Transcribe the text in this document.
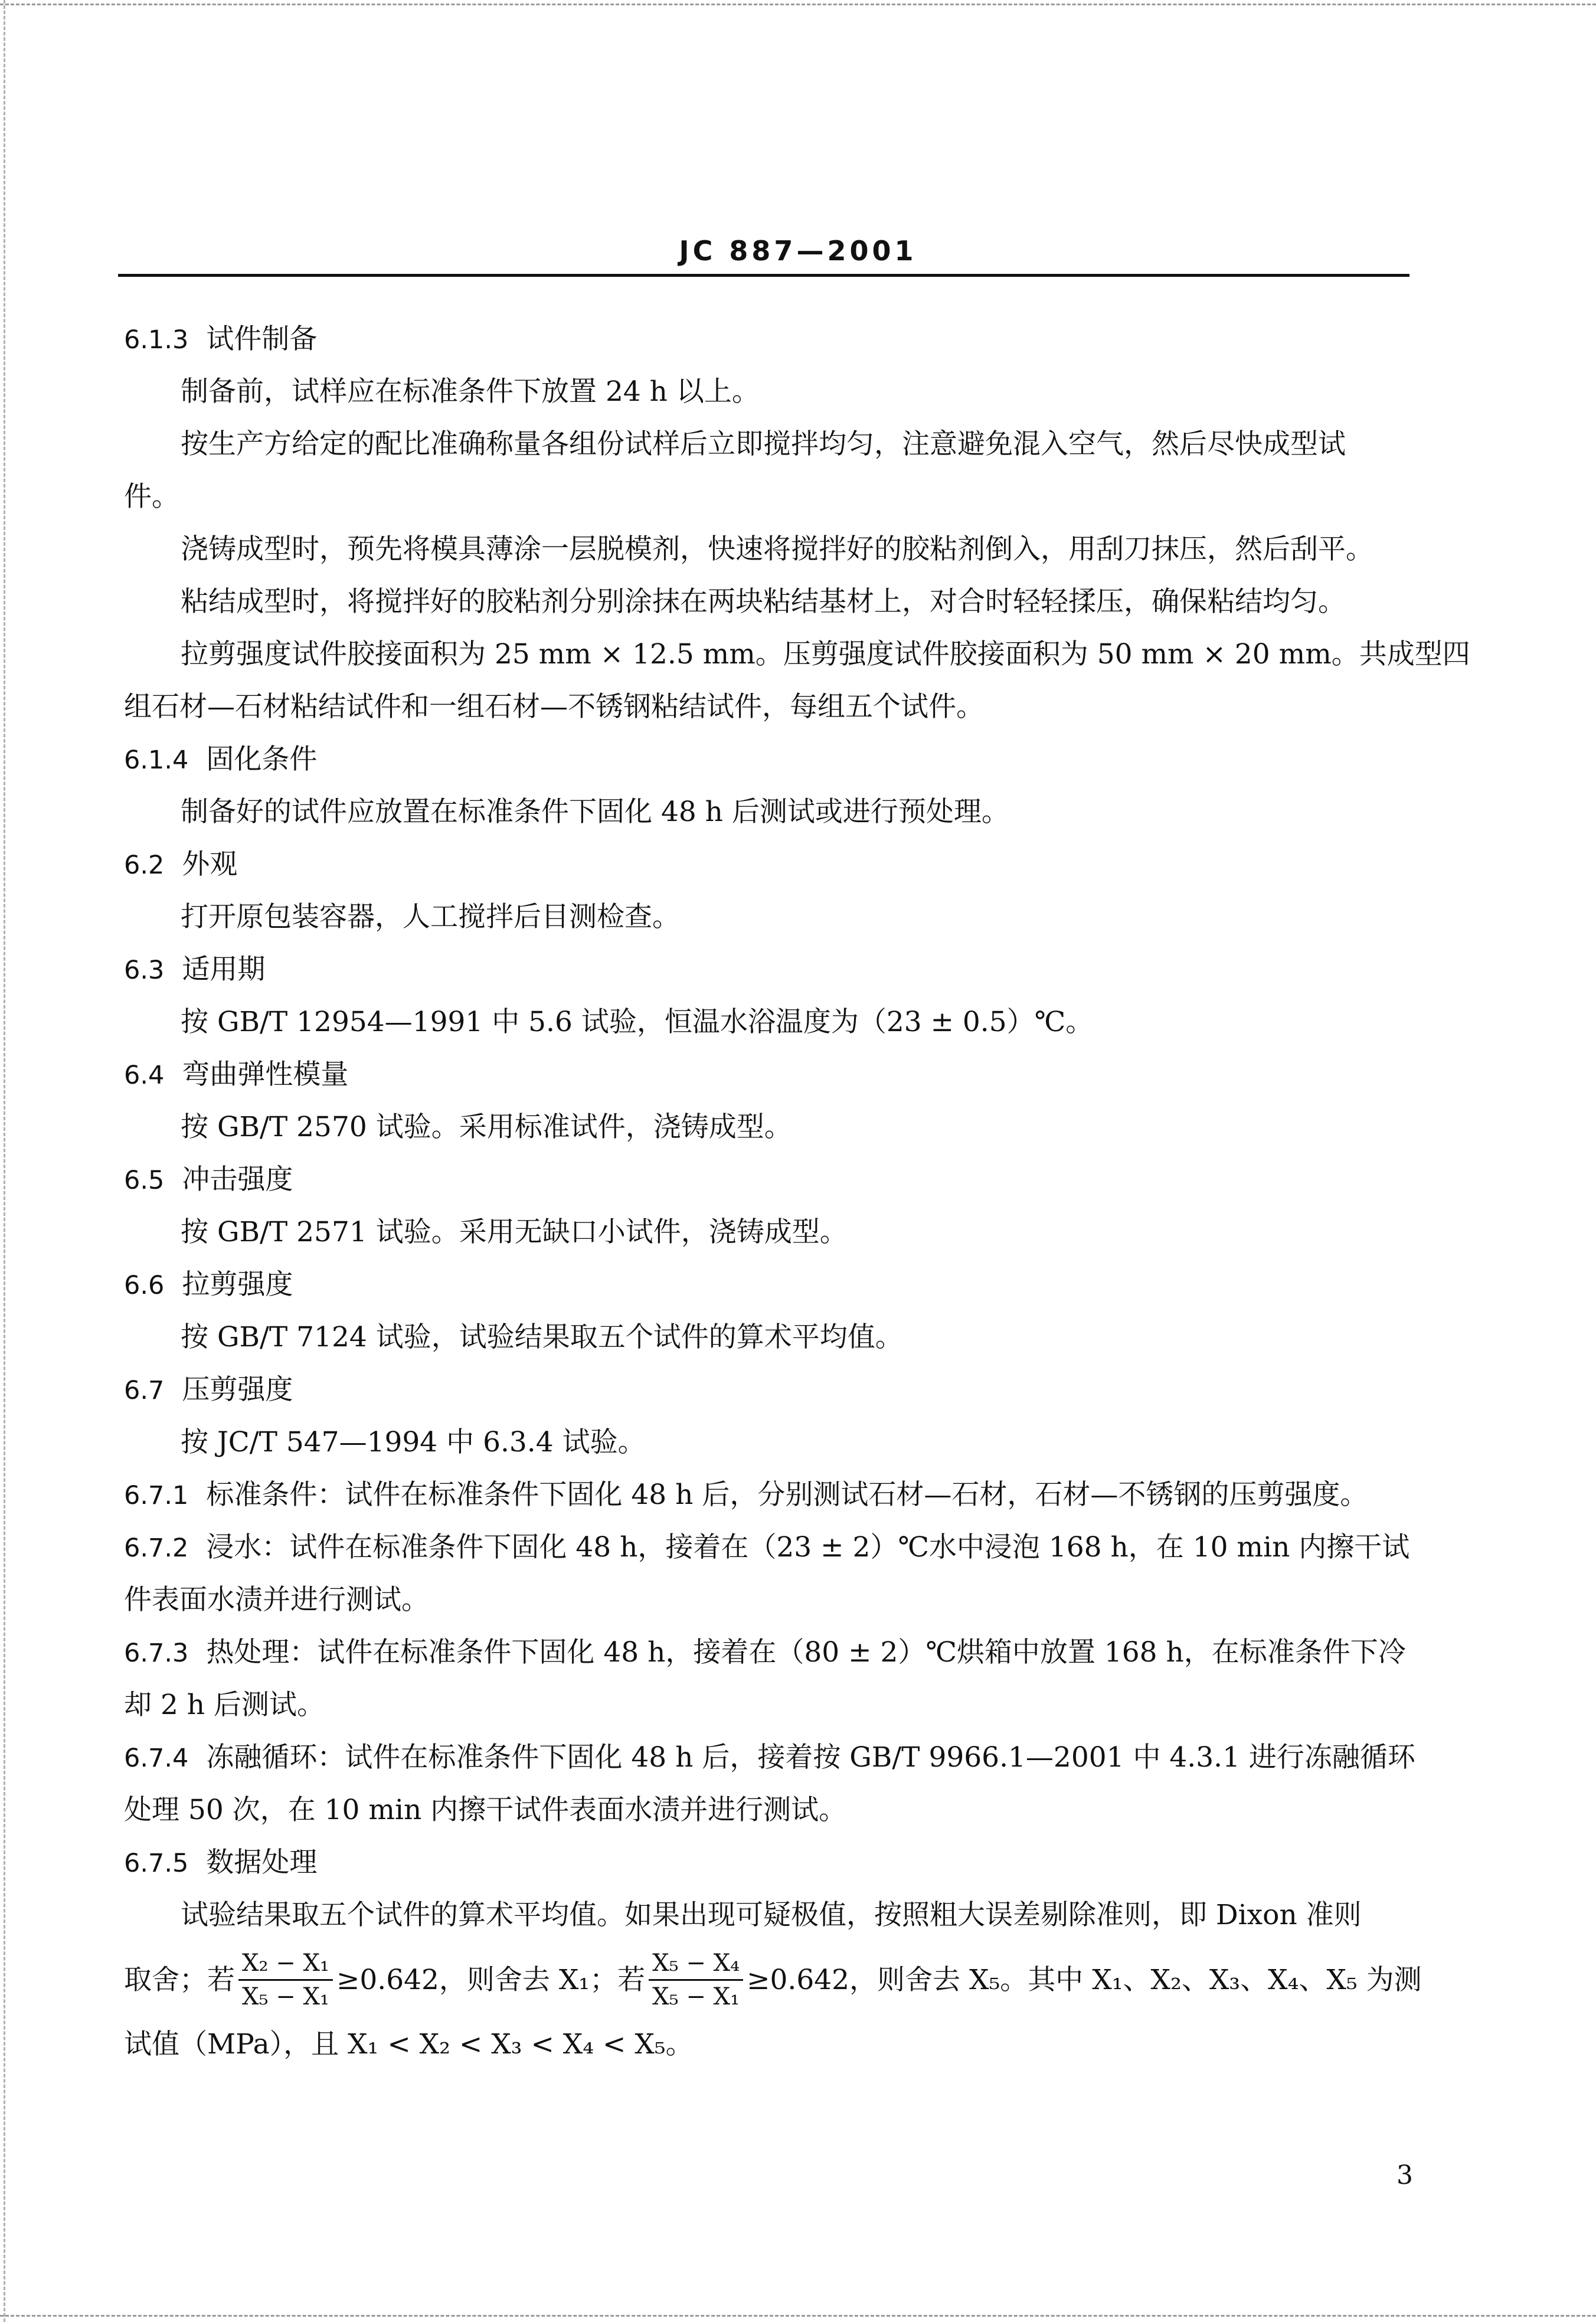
JC 887—2001
6.1.3 试件制备
制备前，试样应在标准条件下放置 24 h 以上。
按生产方给定的配比准确称量各组份试样后立即搅拌均匀，注意避免混入空气，然后尽快成型试
件。
浇铸成型时，预先将模具薄涂一层脱模剂，快速将搅拌好的胶粘剂倒入，用刮刀抹压，然后刮平。
粘结成型时，将搅拌好的胶粘剂分别涂抹在两块粘结基材上，对合时轻轻揉压，确保粘结均匀。
拉剪强度试件胶接面积为 25 mm × 12.5 mm。压剪强度试件胶接面积为 50 mm × 20 mm。共成型四
组石材—石材粘结试件和一组石材—不锈钢粘结试件，每组五个试件。
6.1.4 固化条件
制备好的试件应放置在标准条件下固化 48 h 后测试或进行预处理。
6.2 外观
打开原包装容器，人工搅拌后目测检查。
6.3 适用期
按 GB/T 12954—1991 中 5.6 试验，恒温水浴温度为（23 ± 0.5）℃。
6.4 弯曲弹性模量
按 GB/T 2570 试验。采用标准试件，浇铸成型。
6.5 冲击强度
按 GB/T 2571 试验。采用无缺口小试件，浇铸成型。
6.6 拉剪强度
按 GB/T 7124 试验，试验结果取五个试件的算术平均值。
6.7 压剪强度
按 JC/T 547—1994 中 6.3.4 试验。
6.7.1 标准条件：试件在标准条件下固化 48 h 后，分别测试石材—石材，石材—不锈钢的压剪强度。
6.7.2 浸水：试件在标准条件下固化 48 h，接着在（23 ± 2）℃水中浸泡 168 h，在 10 min 内擦干试
件表面水渍并进行测试。
6.7.3 热处理：试件在标准条件下固化 48 h，接着在（80 ± 2）℃烘箱中放置 168 h，在标准条件下冷
却 2 h 后测试。
6.7.4 冻融循环：试件在标准条件下固化 48 h 后，接着按 GB/T 9966.1—2001 中 4.3.1 进行冻融循环
处理 50 次，在 10 min 内擦干试件表面水渍并进行测试。
6.7.5 数据处理
试验结果取五个试件的算术平均值。如果出现可疑极值，按照粗大误差剔除准则，即 Dixon 准则
取舍；若 $\frac{\text{X₂ − X₁}}{\text{X₅ − X₁}} \ge 0.642$，则舍去 X₁；若 $\frac{\text{X₅ − X₄}}{\text{X₅ − X₁}} \ge 0.642$，则舍去 X₅。其中 X₁、X₂、X₃、X₄、X₅ 为测
试值（MPa），且 X₁ < X₂ < X₃ < X₄ < X₅。
3
